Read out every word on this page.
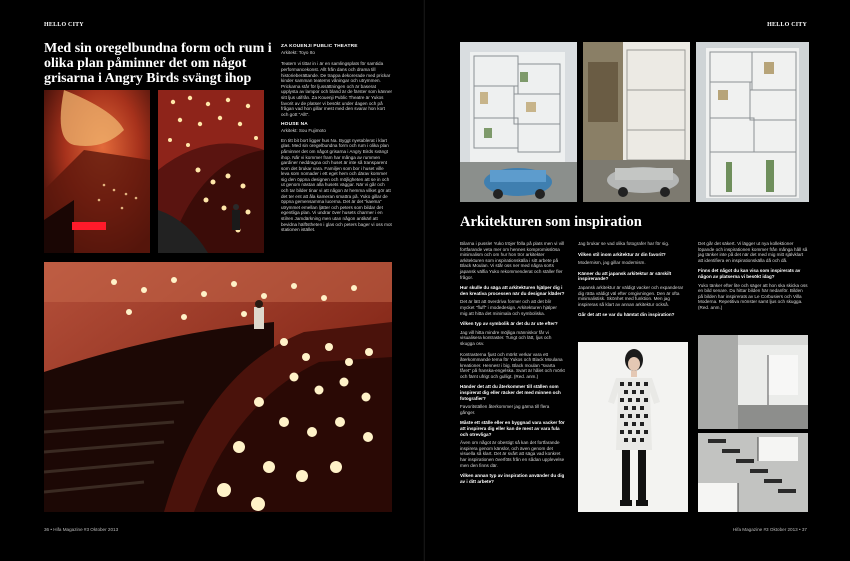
HELLO CITY
Med sin oregelbundna form och rum i olika plan påminner det om något grisarna i Angry Birds svängt ihop
ZA KOUENJI PUBLIC THEATRE
Arkitekt: Toyo Ito
Teatern vi tittar in i är en samlingsplats för samtida performancekonst. Allt från dans och drama till historieberättande. De trappa dekorerade med prickar kinder samman teaterns våningar och utrymmen. Prickarna står för ljussättningen och är baserat upplysta av lampor och bland är de färster som känner sitt ljus utifrån. Za Kouenji Public Theatre är Yukos favorit av de platser vi besökt under dagen och på frågan vad hon gillar mest med den svarar hon kort och gott "Allt".
HOUSE NA
Arkitekt: Sou Fujimoto
En titt bit bort ligger hus Na. Byggt nyetablerat i klart glas. Med sin oregelbundna form och rum i olika plan påminner det om något grisarna i Angry Birds svängt ihop. Når vi kommer fram har många av rummen gardiner neddragna och huset är inte så transparent som det brukar vara. Familjen som bor i huset ville leva som nomader i ett eget hem och därav kommer sig den öppna designen och möjligheten att se in och ut genom nästan alla husets väggar. När vi går och och tar bilder tinar vi att någon är hemma vilket gör att det ter ent att åla kameran smattra på. Yuko gillar de öppna gemensamma lucerna. Det är det "kaema" utrymmet emellan ljätter och peters som bildar det egentliga plan. Vi undrar över husets charmer i en stilren Jamdärkning men utan någon antikärl att bevidna hälftstheten i glas och peters bager vi oss mot stationen istället.
36 • Hifa Magazine #3 Oktober 2013
HELLO CITY
Arkitekturen som inspiration
Bilarna i pussle! Yuko tröjer fölla på plats men vi vill fortfarande veta mer om hennes kompromisslösa minimalism och om hur hon tror arkitekter arkitekturen som inspirationskälla i sitt arbete på Black Moulan. Vi står oss ner med några sorts japansk välfia Yuko rekommenderat och ställer fler frågor.
Hur skulle du säga att arkitekturen hjälper dig i den kreativa processen när du designar kläder?
Det är lätt att överdriva former och att det blir mycket "fluff" i modedesign. Arkitekturen hjälper mig att hitta det minimala och symboliska.
Vilken typ av symbolik är det du är ute efter?
Jag vill hitta mindre möjliga människor får vi visualisera kontraster. Tungt och lätt, ljus och skugga osv.
Kontrasterna fjust och mörkt verkar vara ett återkommande tema för Yukos och Black Moulana kreationer. Hennes! i big. Black moulan "svarta fåret" på franska-engelska. Svart är hålet och mörkt och färnt ufrigt och gulligt. (Red. anm.)
Händer det att du återkommer till ställen som inspirerat dig eller räcker det med minnen och fotografier?
Favoritställen återkommer jag gärna till flera gånger.
Måste ett ställe eller en byggnad vara vacker för att inspirera dig eller kan de mest av vara fula och otrevliga?
Även om något är obestigt så kan det fortfarande inspirera genom känslor, och även genom det visuella så klart. Det är svårt att säga vad konkret har inspirationen överföts från en sådan upplevelse men den finns där.
Vilken annan typ av inspiration använder du dig av i ditt arbete?
Jag brukar se vad olika fotografer har för sig.
Vilken stil inom arkitektur är din favorit?
Modernism, jag gillar modernism.
Känner du att japansk arkitektur är särskilt inspirerande?
Japansk arkitektur är väldigt vacker och expanderar dig rätta väldigt väl efter omgivningen. Den är ofta minimalistisk. Skönhet med funktion. Men jag inspireras så klart av annan arkitektur också.
Går det att se var du hämtat din inspiration?
Det går det säkert. Vi lägger ut nya kollektioner löpande och inspirationen kommer från många håll så jag tänker inte på det när det med mig mitt självklart att identifiera en inspirationskälla då och då.
Finns det något du kan visa som inspirerats av någon av platserna vi besökt idag?
Yuko tänker efter lite och säger att hon ska skicka oss en bild senare. Du hittar bilden här nedanför. Bilden på bilden har inspirerats av Le Corbusiers och Villa Moderna. Repetitiva mönster samt ljus och skugga. (Red. anm.)
Hifa Magazine #3 Oktober 2013 • 37
